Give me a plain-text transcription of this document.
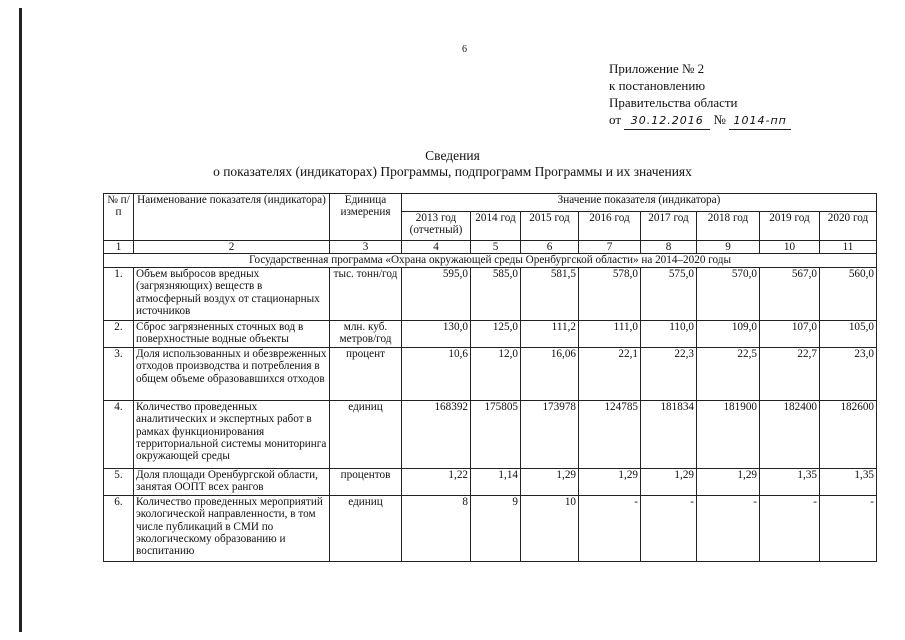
6
Приложение № 2
к постановлению
Правительства области
от 30.12.2016 № 1014-пп
Сведения
о показателях (индикаторах) Программы, подпрограмм Программы и их значениях
№ п/п	Наименование показателя (индикатора)	Единица измерения	Значение показателя (индикатора)							
			2013 год (отчетный)	2014 год	2015 год	2016 год	2017 год	2018 год	2019 год	2020 год
1	2	3	4	5	6	7	8	9	10	11
Государственная программа «Охрана окружающей среды Оренбургской области» на 2014–2020 годы										
1.	Объем выбросов вредных (загрязняющих) веществ в атмосферный воздух от стационарных источников	тыс. тонн/год	595,0	585,0	581,5	578,0	575,0	570,0	567,0	560,0
2.	Сброс загрязненных сточных вод в поверхностные водные объекты	млн. куб. метров/год	130,0	125,0	111,2	111,0	110,0	109,0	107,0	105,0
3.	Доля использованных и обезвреженных отходов производства и потребления в общем объеме образовавшихся отходов	процент	10,6	12,0	16,06	22,1	22,3	22,5	22,7	23,0
4.	Количество проведенных аналитических и экспертных работ в рамках функционирования территориальной системы мониторинга окружающей среды	единиц	168392	175805	173978	124785	181834	181900	182400	182600
5.	Доля площади Оренбургской области, занятая ООПТ всех рангов	процентов	1,22	1,14	1,29	1,29	1,29	1,29	1,35	1,35
6.	Количество проведенных мероприятий экологической направленности, в том числе публикаций в СМИ по экологическому образованию и воспитанию	единиц	8	9	10	-	-	-	-	-
